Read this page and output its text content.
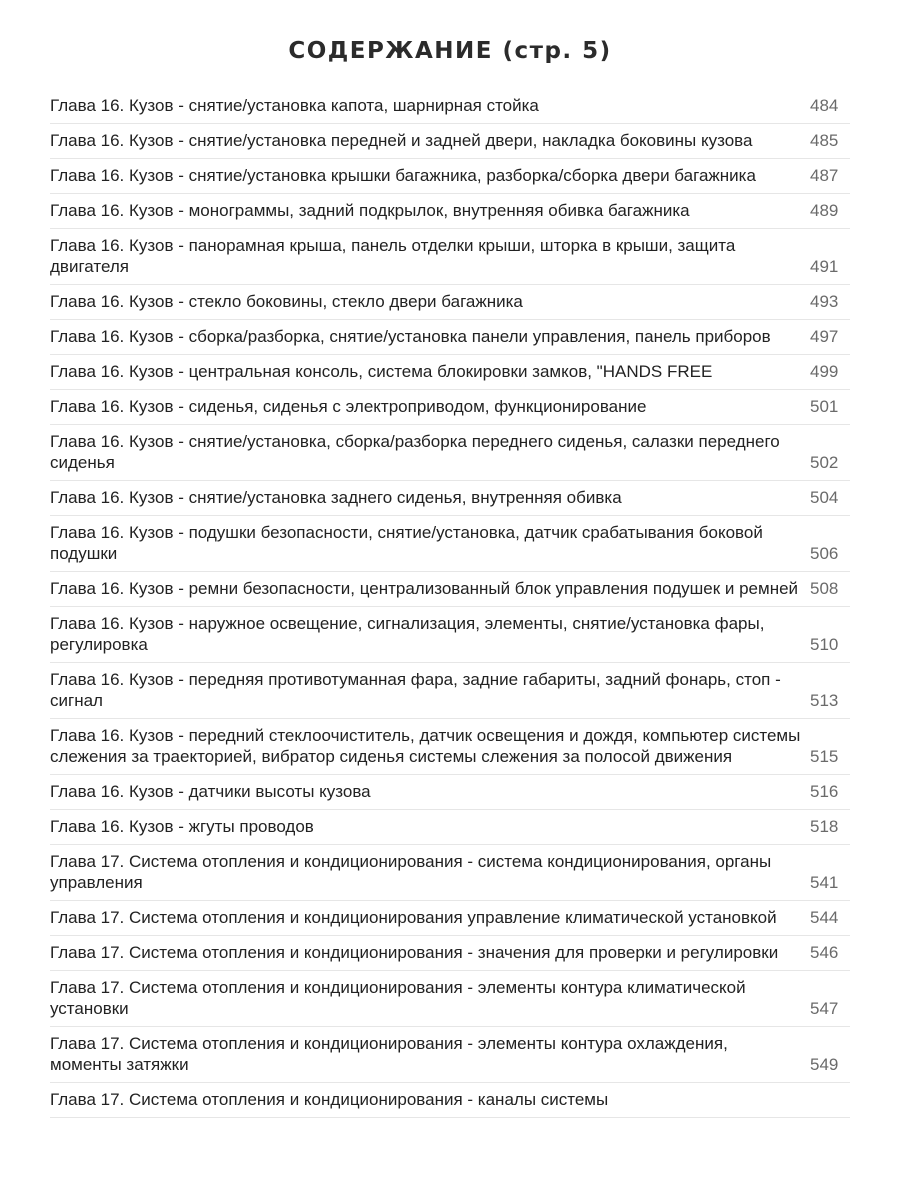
СОДЕРЖАНИЕ (стр. 5)
Глава 16. Кузов - снятие/установка капота, шарнирная стойка	484
Глава 16. Кузов - снятие/установка передней и задней двери, накладка боковины кузова	485
Глава 16. Кузов - снятие/установка крышки багажника, разборка/сборка двери багажника	487
Глава 16. Кузов - монограммы, задний подкрылок, внутренняя обивка багажника	489
Глава 16. Кузов - панорамная крыша, панель отделки крыши, шторка в крыши, защита двигателя	491
Глава 16. Кузов - стекло боковины, стекло двери багажника	493
Глава 16. Кузов - сборка/разборка, снятие/установка панели управления, панель приборов	497
Глава 16. Кузов - центральная консоль, система блокировки замков, "HANDS FREE	499
Глава 16. Кузов - сиденья, сиденья с электроприводом, функционирование	501
Глава 16. Кузов - снятие/установка, сборка/разборка переднего сиденья, салазки переднего сиденья	502
Глава 16. Кузов - снятие/установка заднего сиденья, внутренняя обивка	504
Глава 16. Кузов - подушки безопасности, снятие/установка, датчик срабатывания боковой подушки	506
Глава 16. Кузов - ремни безопасности, централизованный блок управления подушек и ремней 508
Глава 16. Кузов - наружное освещение, сигнализация, элементы, снятие/установка фары, регулировка	510
Глава 16. Кузов - передняя противотуманная фара, задние габариты, задний фонарь, стоп - сигнал	513
Глава 16. Кузов - передний стеклоочиститель, датчик освещения и дождя, компьютер системы слежения за траекторией, вибратор сиденья системы слежения за полосой движения	515
Глава 16. Кузов - датчики высоты кузова	516
Глава 16. Кузов - жгуты проводов	518
Глава 17. Система отопления и кондиционирования - система кондиционирования, органы управления	541
Глава 17. Система отопления и кондиционирования управление климатической установкой	544
Глава 17. Система отопления и кондиционирования - значения для проверки и регулировки	546
Глава 17. Система отопления и кондиционирования - элементы контура климатической установки	547
Глава 17. Система отопления и кондиционирования - элементы контура охлаждения, моменты затяжки	549
Глава 17. Система отопления и кондиционирования - каналы системы
